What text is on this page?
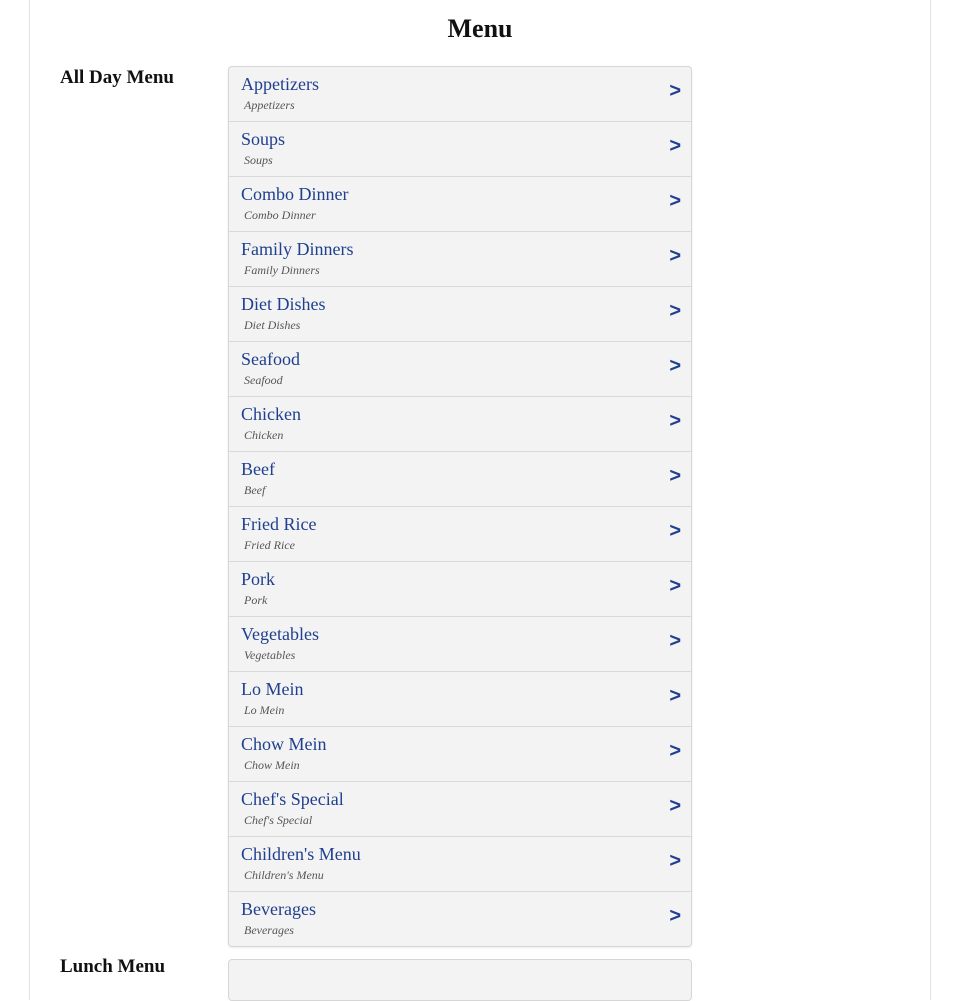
Menu
All Day Menu	Appetizers
Appetizers
>
Soups
Soups
>
Combo Dinner
Combo Dinner
>
Family Dinners
Family Dinners
>
Diet Dishes
Diet Dishes
>
Seafood
Seafood
>
Chicken
Chicken
>
Beef
Beef
>
Fried Rice
Fried Rice
>
Pork
Pork
>
Vegetables
Vegetables
>
Lo Mein
Lo Mein
>
Chow Mein
Chow Mein
>
Chef's Special
Chef's Special
>
Children's Menu
Children's Menu
>
Beverages
Beverages
>
Lunch Menu
